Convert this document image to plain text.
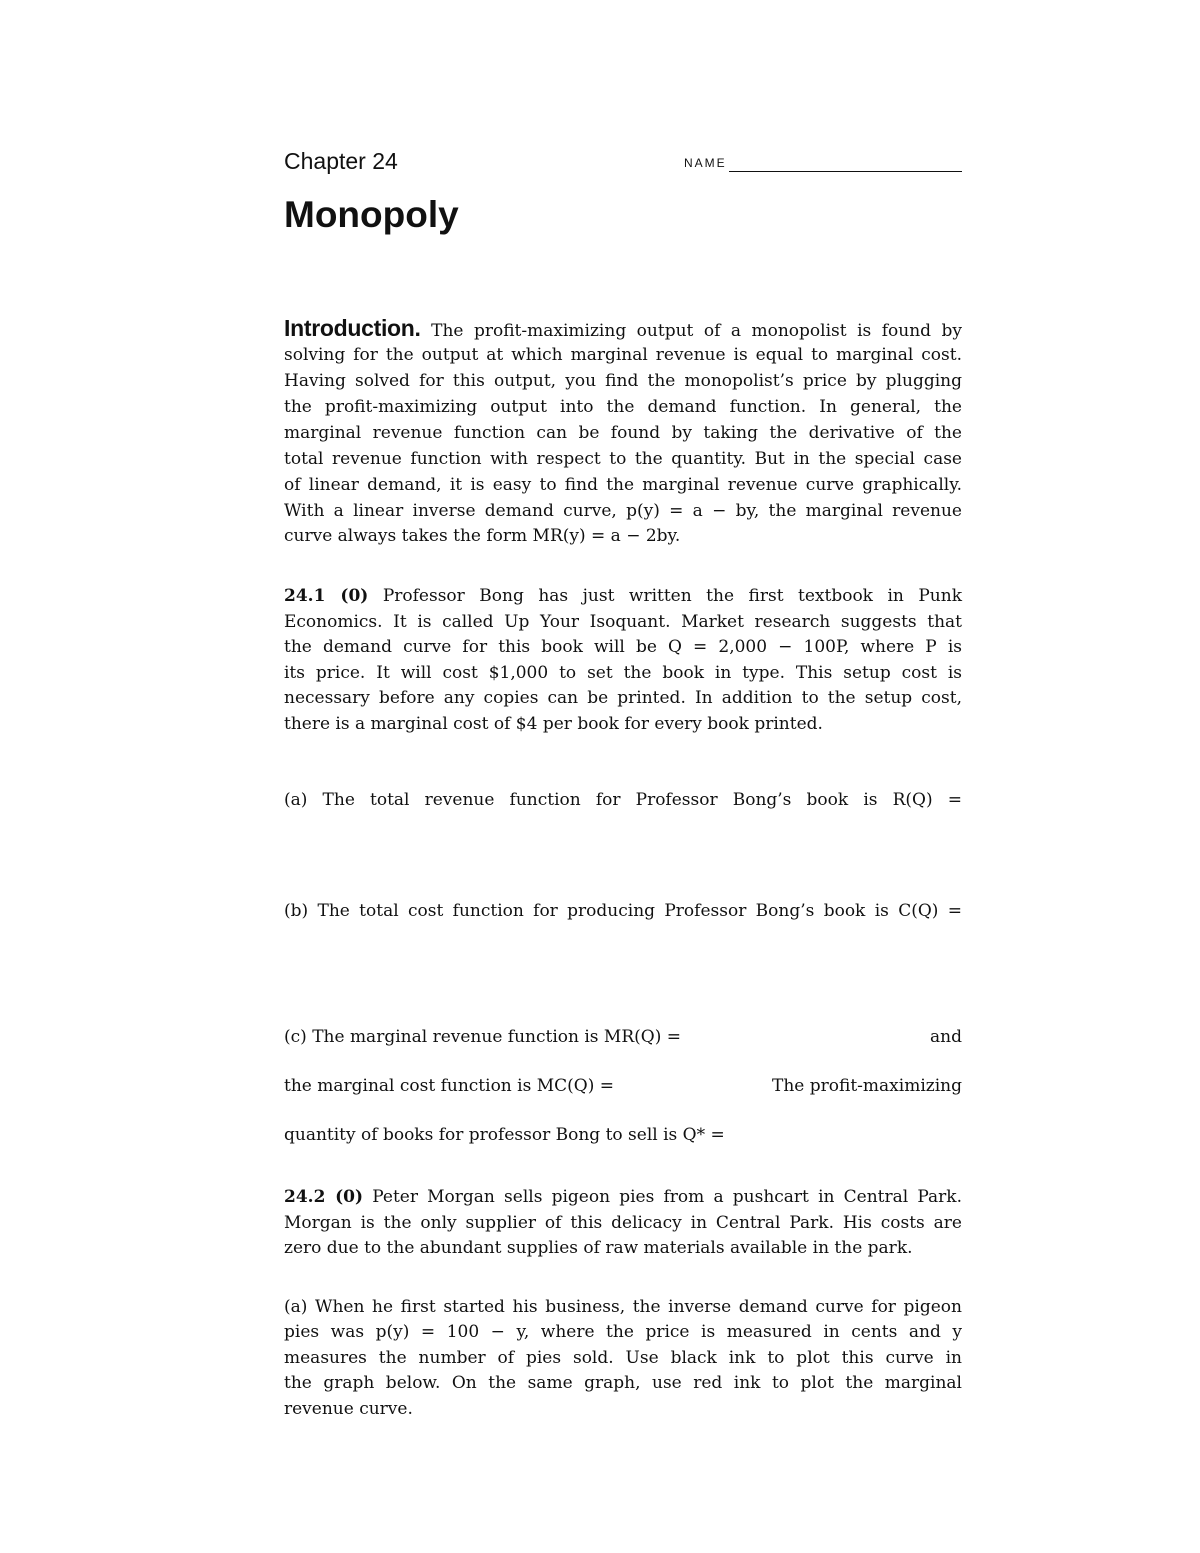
Chapter 24	NAME
Monopoly
Introduction. The profit-maximizing output of a monopolist is found by
solving for the output at which marginal revenue is equal to marginal cost.
Having solved for this output, you find the monopolist’s price by plugging
the profit-maximizing output into the demand function. In general, the
marginal revenue function can be found by taking the derivative of the
total revenue function with respect to the quantity. But in the special case
of linear demand, it is easy to find the marginal revenue curve graphically.
With a linear inverse demand curve, p(y) = a − by, the marginal revenue
curve always takes the form MR(y) = a − 2by.
24.1 (0) Professor Bong has just written the first textbook in Punk
Economics. It is called Up Your Isoquant. Market research suggests that
the demand curve for this book will be Q = 2,000 − 100P, where P is
its price. It will cost $1,000 to set the book in type. This setup cost is
necessary before any copies can be printed. In addition to the setup cost,
there is a marginal cost of $4 per book for every book printed.
(a) The total revenue function for Professor Bong’s book is R(Q) =
(b) The total cost function for producing Professor Bong’s book is C(Q) =
(c) The marginal revenue function is MR(Q) =	and
the marginal cost function is MC(Q) =	The profit-maximizing
quantity of books for professor Bong to sell is Q* =
24.2 (0) Peter Morgan sells pigeon pies from a pushcart in Central Park.
Morgan is the only supplier of this delicacy in Central Park. His costs are
zero due to the abundant supplies of raw materials available in the park.
(a) When he first started his business, the inverse demand curve for pigeon
pies was p(y) = 100 − y, where the price is measured in cents and y
measures the number of pies sold. Use black ink to plot this curve in
the graph below. On the same graph, use red ink to plot the marginal
revenue curve.
